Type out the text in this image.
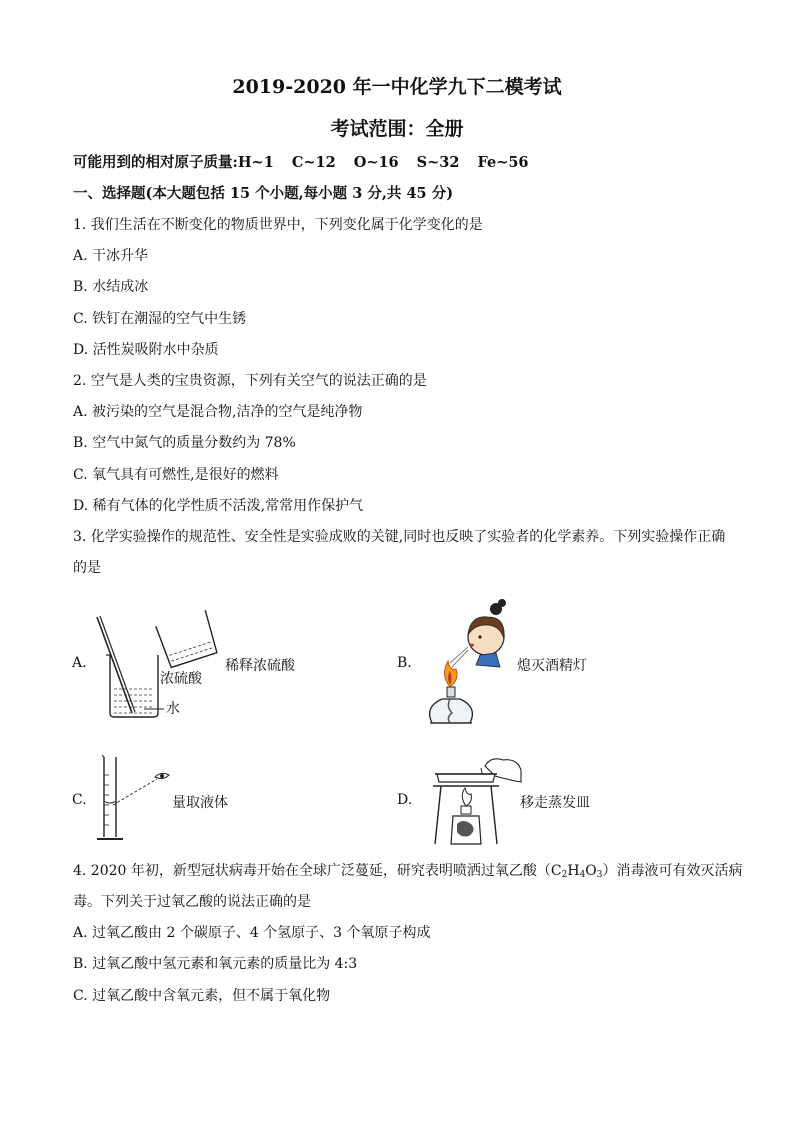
2019-2020 年一中化学九下二模考试
考试范围：全册
可能用到的相对原子质量:H~1 C~12 O~16 S~32 Fe~56
一、选择题(本大题包括 15 个小题,每小题 3 分,共 45 分)
1. 我们生活在不断变化的物质世界中，下列变化属于化学变化的是
A. 干冰升华
B. 水结成冰
C. 铁钉在潮湿的空气中生锈
D. 活性炭吸附水中杂质
2. 空气是人类的宝贵资源，下列有关空气的说法正确的是
A. 被污染的空气是混合物,洁净的空气是纯净物
B. 空气中氮气的质量分数约为 78%
C. 氧气具有可燃性,是很好的燃料
D. 稀有气体的化学性质不活泼,常常用作保护气
3. 化学实验操作的规范性、安全性是实验成败的关键,同时也反映了实验者的化学素养。下列实验操作正确
的是
A.
浓硫酸
水
稀释浓硫酸	B.	熄灭酒精灯
C.	量取液体	D.	移走蒸发皿
4. 2020 年初，新型冠状病毒开始在全球广泛蔓延，研究表明喷洒过氧乙酸$(C_2H_4O_3)$消毒液可有效灭活病
毒。下列关于过氧乙酸的说法正确的是
A. 过氧乙酸由 2 个碳原子、4 个氢原子、3 个氧原子构成
B. 过氧乙酸中氢元素和氧元素的质量比为 4:3
C. 过氧乙酸中含氧元素，但不属于氧化物
